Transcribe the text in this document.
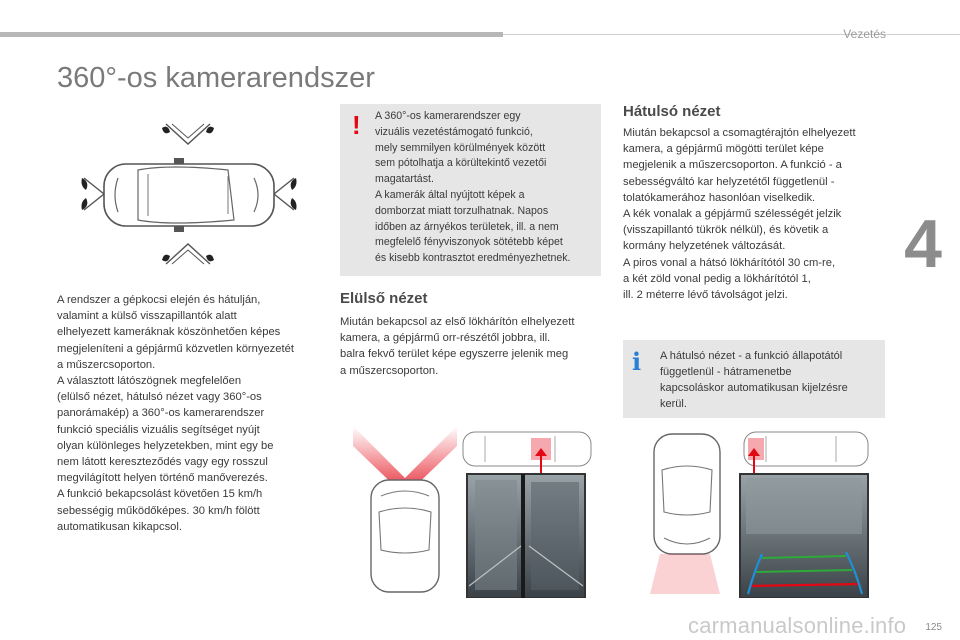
Vezetés
4
360°-os kamerarendszer

A rendszer a gépkocsi elején és hátulján,
valamint a külső visszapillantók alatt
elhelyezett kameráknak köszönhetően képes
megjeleníteni a gépjármű közvetlen környezetét
a műszercsoporton.
A választott látószögnek megfelelően
(elülső nézet, hátulsó nézet vagy 360°-os
panorámakép) a 360°-os kamerarendszer
funkció speciális vizuális segítséget nyújt
olyan különleges helyzetekben, mint egy be
nem látott kereszteződés vagy egy rosszul
megvilágított helyen történő manőverezés.
A funkció bekapcsolást követően 15 km/h
sebességig működőképes. 30 km/h fölött
automatikusan kikapcsol.

! A 360°-os kamerarendszer egy
vizuális vezetéstámogató funkció,
mely semmilyen körülmények között
sem pótolhatja a körültekintő vezetői
magatartást.
A kamerák által nyújtott képek a
domborzat miatt torzulhatnak. Napos
időben az árnyékos területek, ill. a nem
megfelelő fényviszonyok sötétebb képet
és kisebb kontrasztot eredményezhetnek.

Elülső nézet

Miután bekapcsol az első lökhárítón elhelyezett
kamera, a gépjármű orr-részétől jobbra, ill.
balra fekvő terület képe egyszerre jelenik meg
a műszercsoporton.

Hátulsó nézet

Miután bekapcsol a csomagtérajtón elhelyezett
kamera, a gépjármű mögötti terület képe
megjelenik a műszercsoporton. A funkció - a
sebességváltó kar helyzetétől függetlenül -
tolatókamerához hasonlóan viselkedik.
A kék vonalak a gépjármű szélességét jelzik
(visszapillantó tükrök nélkül), és követik a
kormány helyzetének változását.
A piros vonal a hátsó lökhárítótól 30 cm-re,
a két zöld vonal pedig a lökhárítótól 1,
ill. 2 méterre lévő távolságot jelzi.

i A hátulsó nézet - a funkció állapotától
függetlenül - hátramenetbe
kapcsoláskor automatikusan kijelzésre
kerül.

125
carmanualsonline.info
